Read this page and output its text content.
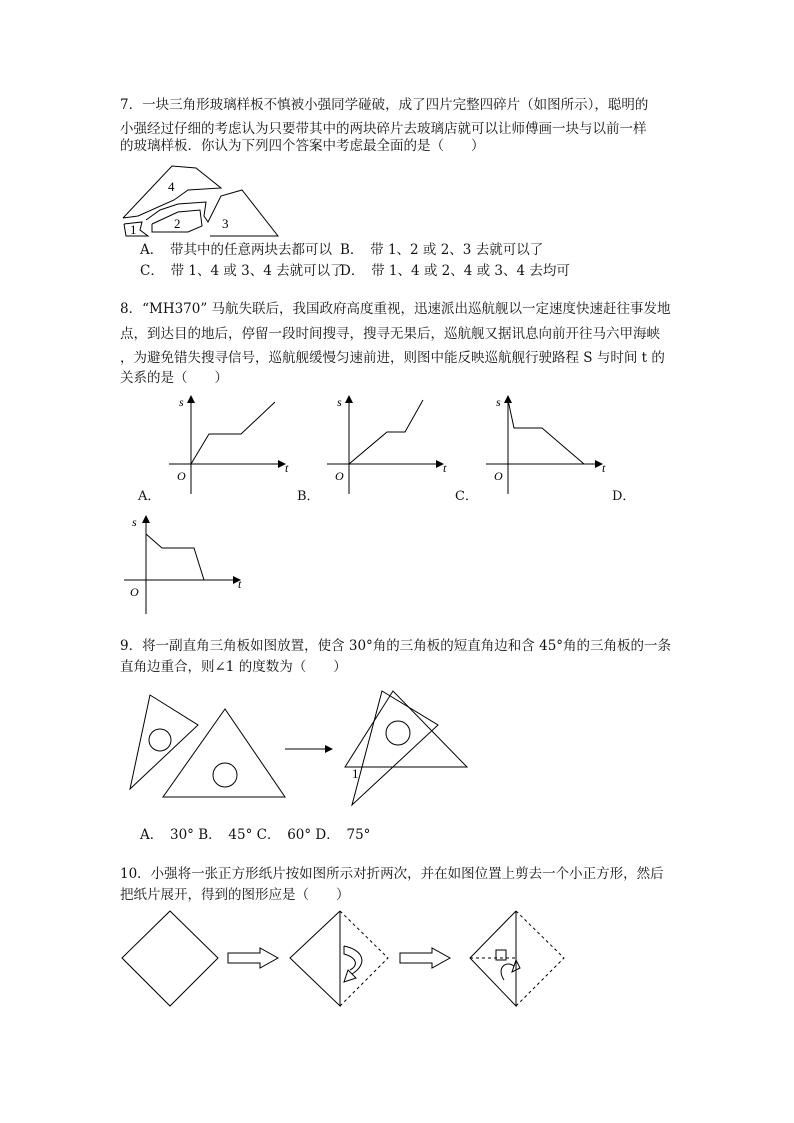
7．一块三角形玻璃样板不慎被小强同学碰破，成了四片完整四碎片（如图所示），聪明的
小强经过仔细的考虑认为只要带其中的两块碎片去玻璃店就可以让师傅画一块与以前一样
的玻璃样板．你认为下列四个答案中考虑最全面的是（　　）
4
2	3
1
A．　带其中的任意两块去都可以 B．　带 1、2 或 2、3 去就可以了
C．　带 1、4 或 3、4 去就可以了
D．　带 1、4 或 2、4 或 3、4 去均可
8．“MH370” 马航失联后，我国政府高度重视，迅速派出巡航舰以一定速度快速赶往事发地
点，到达目的地后，停留一段时间搜寻，搜寻无果后，巡航舰又据讯息向前开往马六甲海峡
，为避免错失搜寻信号，巡航舰缓慢匀速前进，则图中能反映巡航舰行驶路程 S 与时间 t 的
关系的是（　　）
s
t
O
A．
s
t
O
B．
s
t
O
C．	D．
s
t
O
9．将一副直角三角板如图放置，使含 30°角的三角板的短直角边和含 45°角的三角板的一条
直角边重合，则∠1 的度数为（　　）
1
A．　30° B．　45° C．　60° D．　75°
10．小强将一张正方形纸片按如图所示对折两次，并在如图位置上剪去一个小正方形，然后
把纸片展开，得到的图形应是（　　）
